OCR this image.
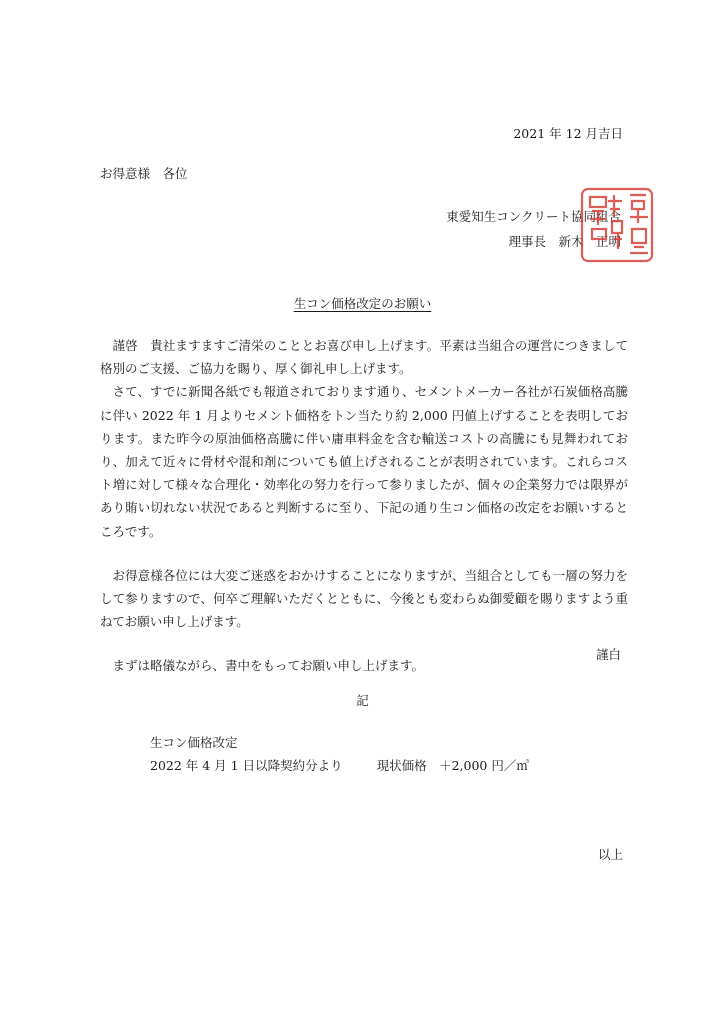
2021 年 12 月吉日
お得意様　各位
東愛知生コンクリート協同組合
理事長　新木　正明
生コン価格改定のお願い

謹啓　貴社ますますご清栄のこととお喜び申し上げます。平素は当組合の運営につきまして格別のご支援、ご協力を賜り、厚く御礼申し上げます。

さて、すでに新聞各紙でも報道されております通り、セメントメーカー各社が石炭価格高騰に伴い 2022 年 1 月よりセメント価格をトン当たり約 2,000 円値上げすることを表明しております。また昨今の原油価格高騰に伴い庸車料金を含む輸送コストの高騰にも見舞われており、加えて近々に骨材や混和剤についても値上げされることが表明されています。これらコスト増に対して様々な合理化・効率化の努力を行って参りましたが、個々の企業努力では限界があり賄い切れない状況であると判断するに至り、下記の通り生コン価格の改定をお願いするところです。

お得意様各位には大変ご迷惑をおかけすることになりますが、当組合としても一層の努力をして参りますので、何卒ご理解いただくとともに、今後とも変わらぬ御愛顧を賜りますよう重ねてお願い申し上げます。

まずは略儀ながら、書中をもってお願い申し上げます。

謹白
記
生コン価格改定
2022 年 4 月 1 日以降契約分より	現状価格　＋2,000 円／㎥
以上
